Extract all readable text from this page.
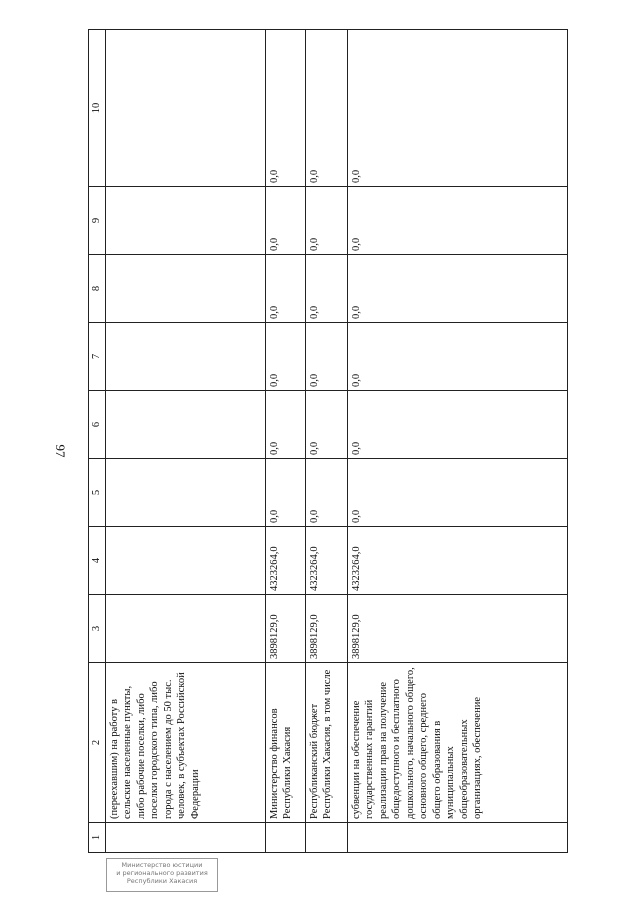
97
1	2	3	4	5	6	7	8	9	10
	(переехавшим) на работу в сельские населенные пункты, либо рабочие поселки, либо поселки городского типа, либо города с населением до 50 тыс. человек, в субъектах Российской Федерации								
	Министерство финансов Республики Хакасия	3898129,0	4323264,0	0,0	0,0	0,0	0,0	0,0	0,0
	Республиканский бюджет Республики Хакасия, в том числе	3898129,0	4323264,0	0,0	0,0	0,0	0,0	0,0	0,0
	субвенции на обеспечение государственных гарантий реализации прав на получение общедоступного и бесплатного дошкольного, начального общего, основного общего, среднего общего образования в муниципальных общеобразовательных организациях, обеспечение	3898129,0	4323264,0	0,0	0,0	0,0	0,0	0,0	0,0
Министерство юстиции
и регионального развития
Республики Хакасия
